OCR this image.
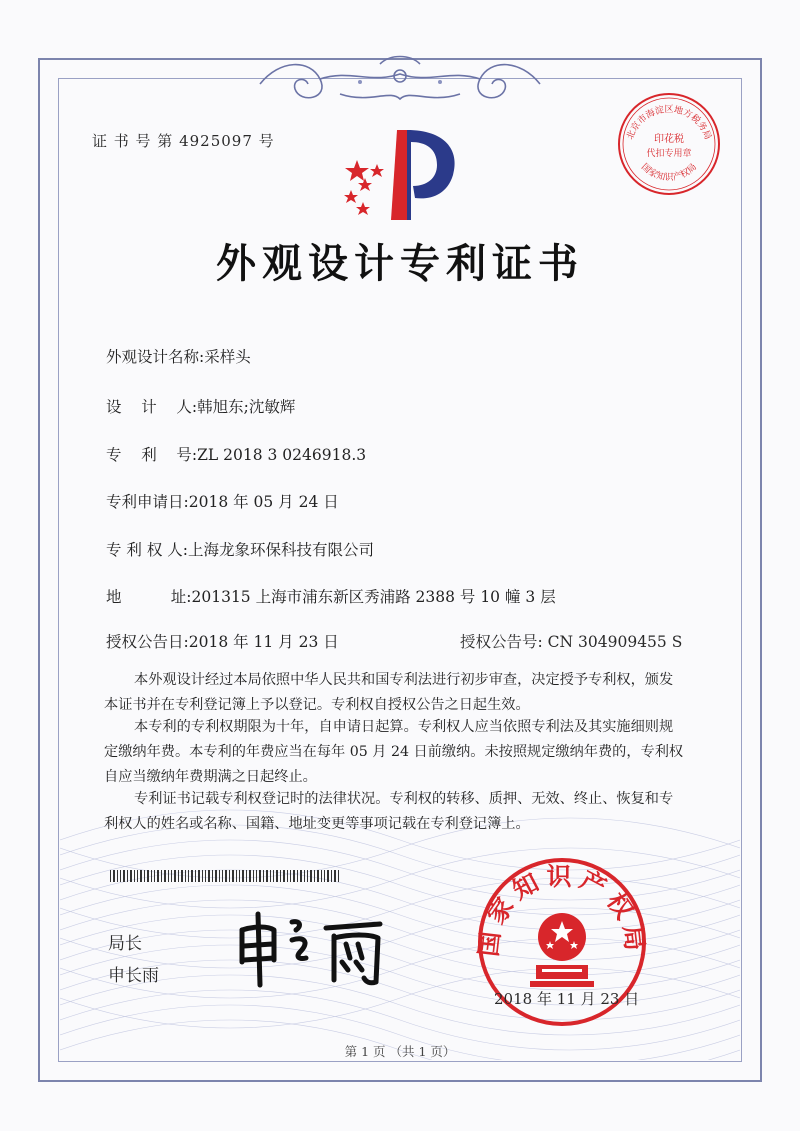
证 书 号 第 4925097 号
外观设计专利证书
外观设计名称:采样头
设    计    人:韩旭东;沈敏辉
专    利    号:ZL 2018 3 0246918.3
专利申请日:2018 年 05 月 24 日
专 利 权 人:上海龙象环保科技有限公司
地          址:201315 上海市浦东新区秀浦路 2388 号 10 幢 3 层
授权公告日:2018 年 11 月 23 日	授权公告号: CN 304909455 S
本外观设计经过本局依照中华人民共和国专利法进行初步审查，决定授予专利权，颁发
本证书并在专利登记簿上予以登记。专利权自授权公告之日起生效。
本专利的专利权期限为十年，自申请日起算。专利权人应当依照专利法及其实施细则规
定缴纳年费。本专利的年费应当在每年 05 月 24 日前缴纳。未按照规定缴纳年费的，专利权
自应当缴纳年费期满之日起终止。
专利证书记载专利权登记时的法律状况。专利权的转移、质押、无效、终止、恢复和专
利权人的姓名或名称、国籍、地址变更等事项记载在专利登记簿上。
局长
申长雨
国家知识产权局
2018 年 11 月 23 日
北京市海淀区地方税务局
国家知识产权局
印花税
代扣专用章
第 1 页 （共 1 页）
